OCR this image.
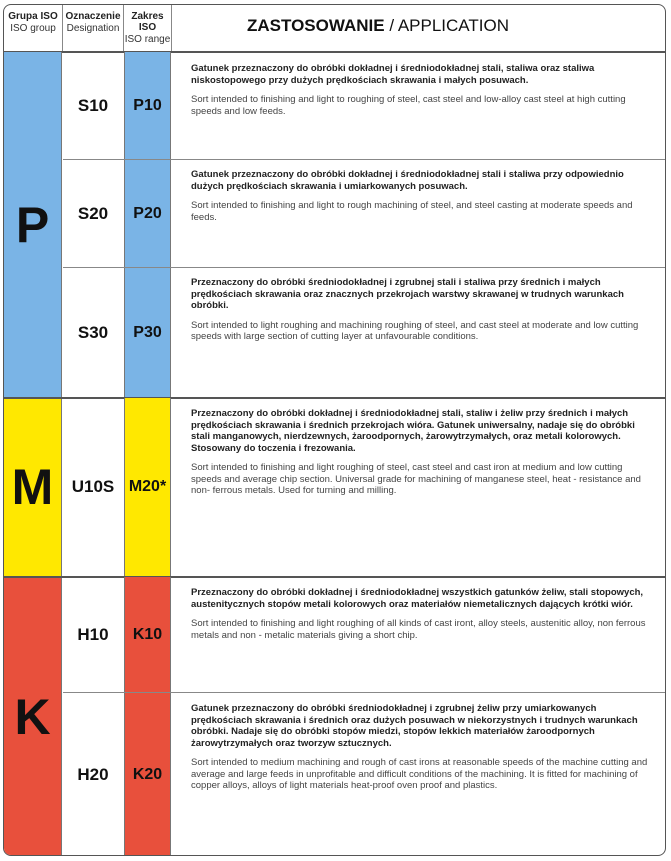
Grupa ISO
ISO group
Oznaczenie
Designation
Zakres ISO
ISO range
ZASTOSOWANIE / APPLICATION
P
M
K
S10 P10
Gatunek przeznaczony do obróbki dokładnej i średniodokładnej stali, staliwa oraz staliwa niskostopowego przy dużych prędkościach skrawania i małych posuwach.
Sort intended to finishing and light to roughing of steel, cast steel and low-alloy cast steel at high cutting speeds and low feeds.
S20 P20
Gatunek przeznaczony do obróbki dokładnej i średniodokładnej stali i staliwa przy odpowiednio dużych prędkościach skrawania i umiarkowanych posuwach.
Sort intended to finishing and light to rough machining of steel, and steel casting at moderate speeds and feeds.
S30 P30
Przeznaczony do obróbki średniodokładnej i zgrubnej stali i staliwa przy średnich i małych prędkościach skrawania oraz znacznych przekrojach warstwy skrawanej w trudnych warunkach obróbki.
Sort intended to light roughing and machining roughing of steel, and cast steel at moderate and low cutting speeds with large section of cutting layer at unfavourable conditions.
U10S M20*
Przeznaczony do obróbki dokładnej i średniodokładnej stali, staliw i żeliw przy średnich i małych prędkościach skrawania i średnich przekrojach wióra. Gatunek uniwersalny, nadaje się do obróbki stali manganowych, nierdzewnych, żaroodpornych, żarowytrzymałych, oraz metali kolorowych. Stosowany do toczenia i frezowania.
Sort intended to finishing and light roughing of steel, cast steel and cast iron at medium and low cutting speeds and average chip section. Universal grade for machining of manganese steel, heat - resistance and non- ferrous metals. Used for turning and milling.
H10 K10
Przeznaczony do obróbki dokładnej i średniodokładnej wszystkich gatunków żeliw, stali stopowych, austenitycznych stopów metali kolorowych oraz materiałów niemetalicznych dających krótki wiór.
Sort intended to finishing and light roughing of all kinds of cast iront, alloy steels, austenitic alloy, non ferrous metals and non - metalic materials giving a short chip.
H20 K20
Gatunek przeznaczony do obróbki średniodokładnej i zgrubnej żeliw przy umiarkowanych prędkościach skrawania i średnich oraz dużych posuwach w niekorzystnych i trudnych warunkach obróbki. Nadaje się do obróbki stopów miedzi, stopów lekkich materiałów żaroodpornych żarowytrzymałych oraz tworzyw sztucznych.
Sort intended to medium machining and rough of cast irons at reasonable speeds of the machine cutting and average and large feeds in unprofitable and difficult conditions of the machining. It is fitted for machining of copper alloys, alloys of light materials heat-proof oven proof and plastics.
